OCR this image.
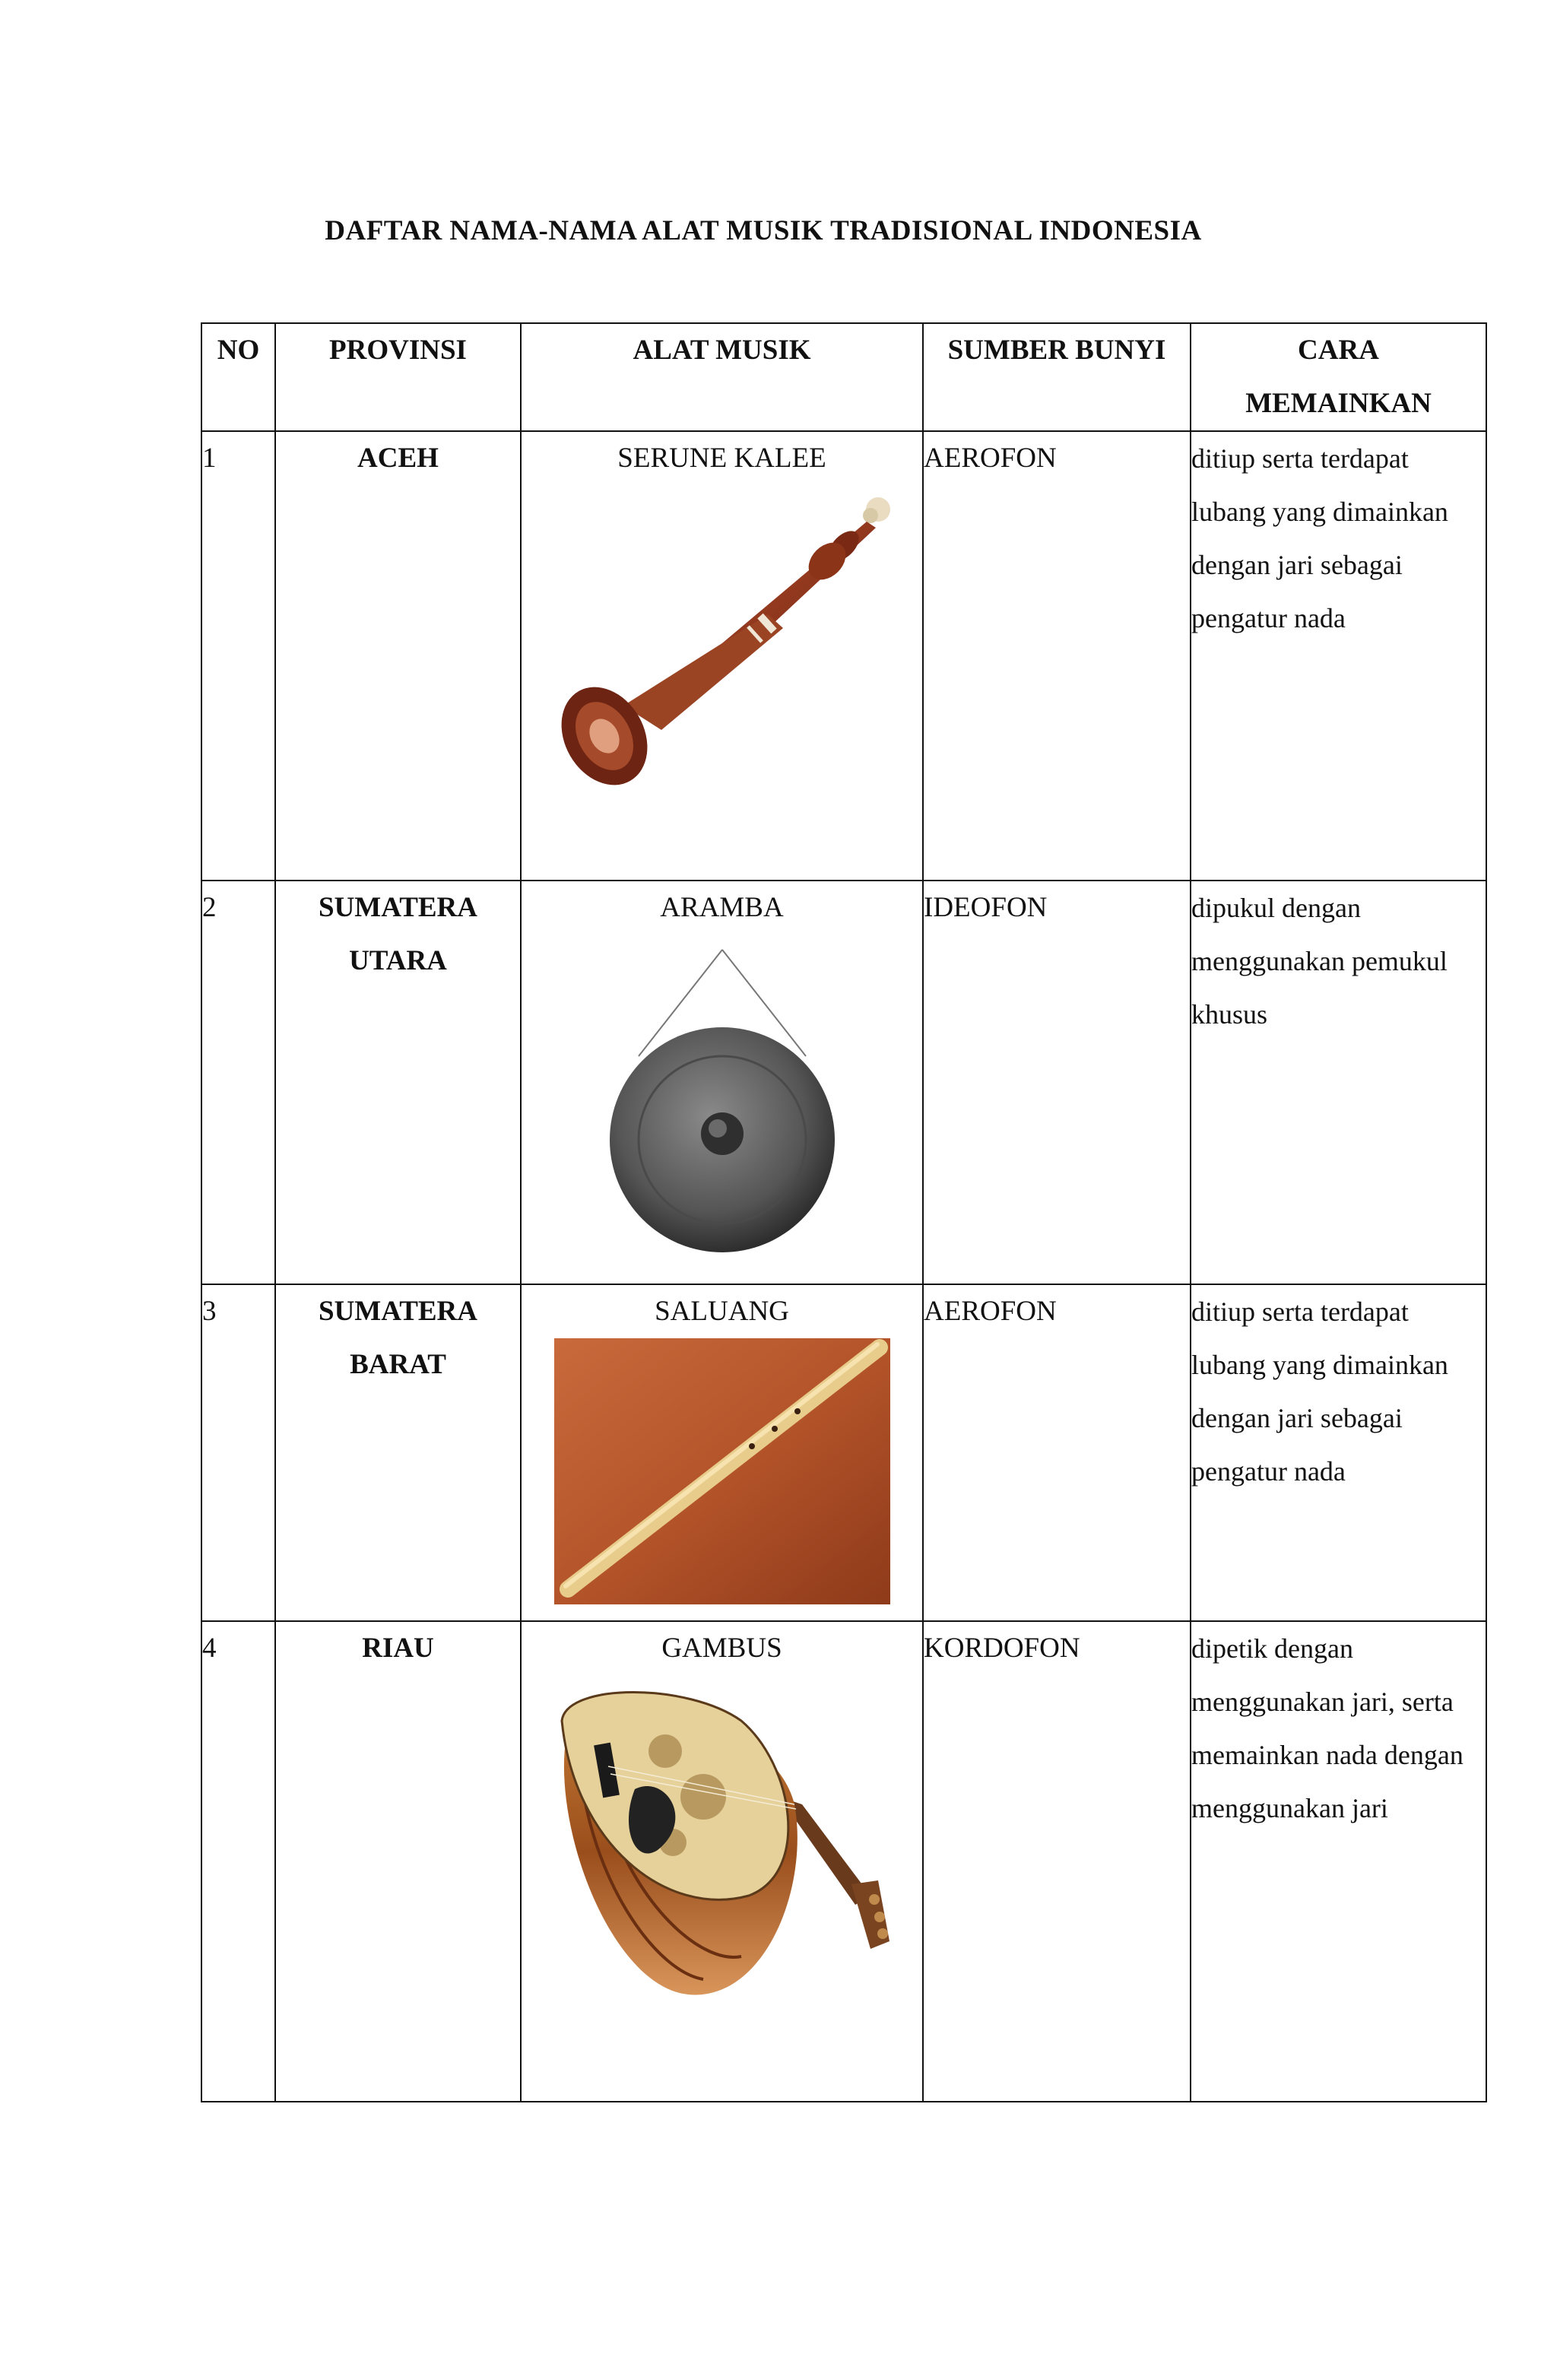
DAFTAR NAMA-NAMA ALAT MUSIK TRADISIONAL INDONESIA
NO	PROVINSI	ALAT MUSIK	SUMBER BUNYI	CARA MEMAINKAN
1	ACEH	SERUNE KALEE	AEROFON	ditiup serta terdapat lubang yang dimainkan dengan jari sebagai pengatur nada

2	SUMATERA UTARA	ARAMBA	IDEOFON	dipukul dengan menggunakan pemukul khusus

3	SUMATERA BARAT	SALUANG	AEROFON	ditiup serta terdapat lubang yang dimainkan dengan jari sebagai pengatur nada

4	RIAU	GAMBUS	KORDOFON	dipetik dengan menggunakan jari, serta memainkan nada dengan menggunakan jari
